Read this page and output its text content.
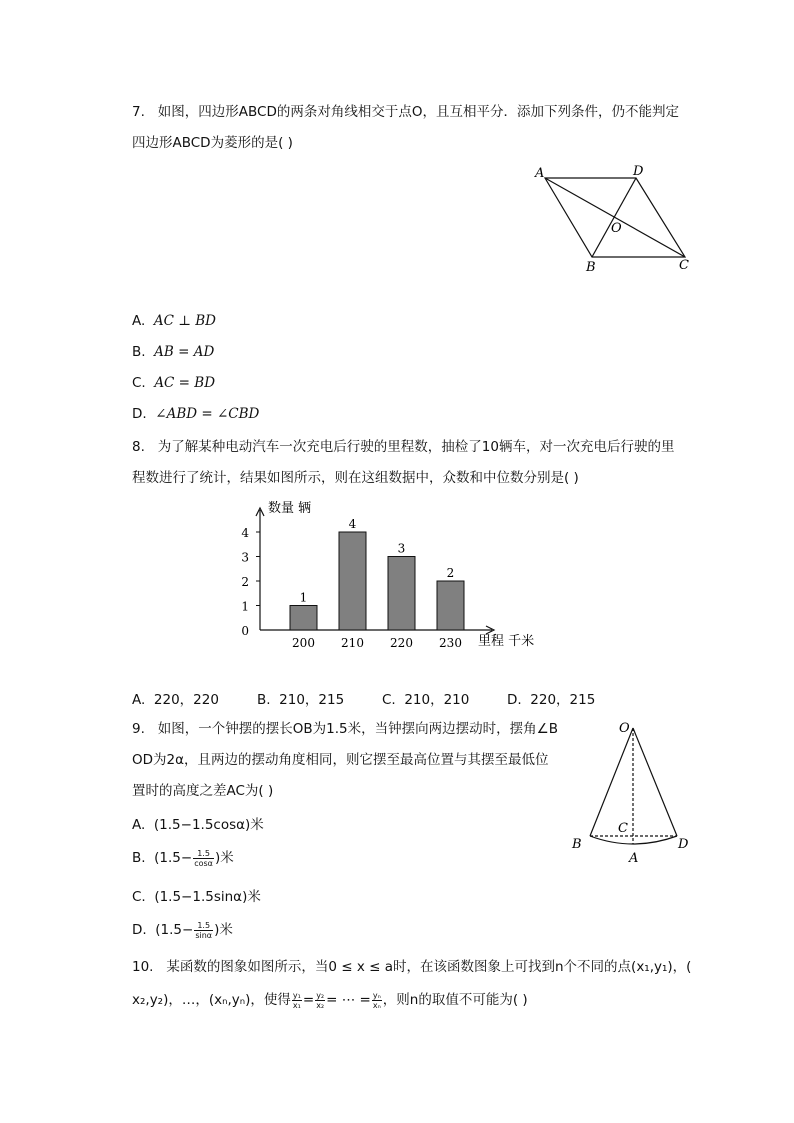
7. 如图，四边形ABCD的两条对角线相交于点O，且互相平分．添加下列条件，仍不能判定
四边形ABCD为菱形的是( )
A	D
O
B	C
A. AC ⊥ BD
B. AB = AD
C. AC = BD
D. ∠ABD = ∠CBD
8. 为了解某种电动汽车一次充电后行驶的里程数，抽检了10辆车，对一次充电后行驶的里
程数进行了统计，结果如图所示，则在这组数据中，众数和中位数分别是( )
数量 辆
里程 千米
0
1
2
3
4
1
200
4
210
3
220
2
230
A. 220，220	B. 210，215	C. 210，210	D. 220，215
9. 如图，一个钟摆的摆长OB为1.5米，当钟摆向两边摆动时，摆角∠B
OD为2α，且两边的摆动角度相同，则它摆至最高位置与其摆至最低位
置时的高度之差AC为( )
O
C
B	D
A
A. (1.5−1.5cosα)米
B. ($1.5- \frac{1.5}{\cos\alpha}$ )米
C. (1.5−1.5sinα)米
D. ($1.5- \frac{1.5}{\sin\alpha}$ )米
10. 某函数的图象如图所示，当0 ≤ x ≤ a时，在该函数图象上可找到n个不同的点(x₁,y₁)，(
x₂,y₂)，…，(xₙ,yₙ)，使得 $\frac{\text{y₁}}{\text{x₁}} = \frac{\text{y₂}}{\text{x₂}}$ = ⋯ = $\frac{\text{yₙ}}{\text{xₙ}}$ ，则n的取值不可能为( )
